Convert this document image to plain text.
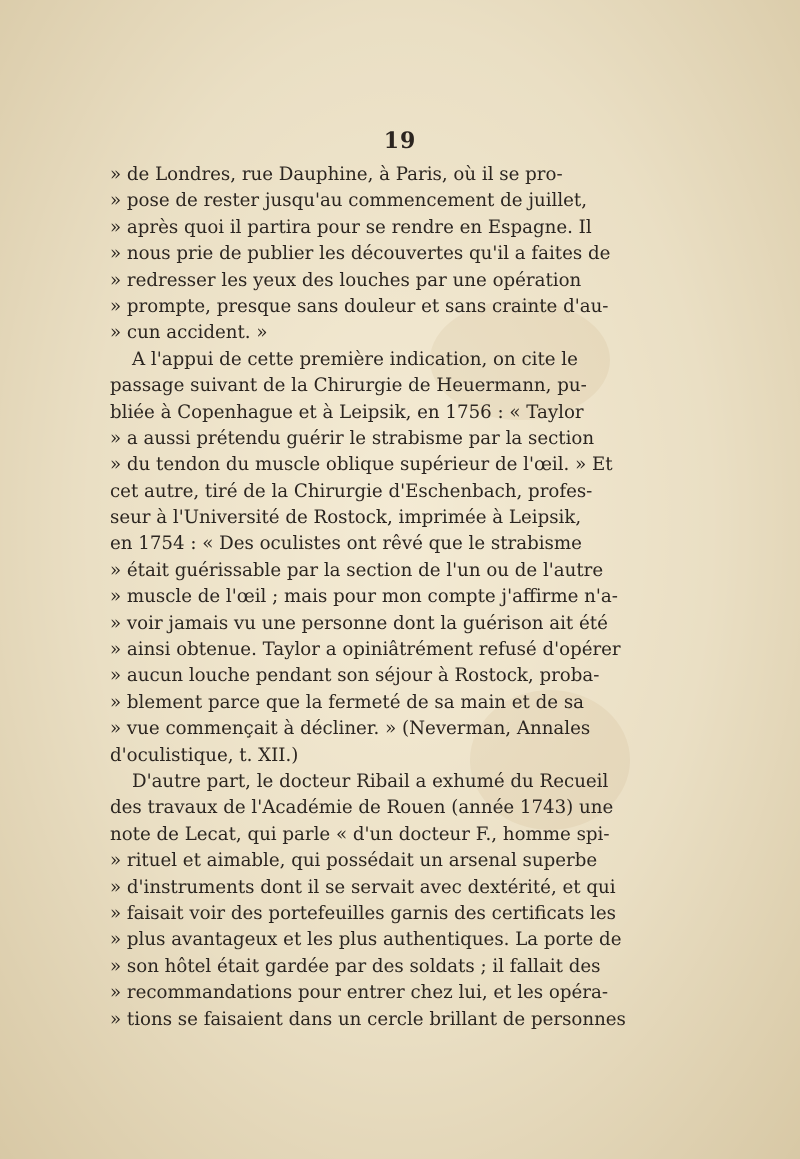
19
» de Londres, rue Dauphine, à Paris, où il se pro-
» pose de rester jusqu'au commencement de juillet,
» après quoi il partira pour se rendre en Espagne. Il
» nous prie de publier les découvertes qu'il a faites de
» redresser les yeux des louches par une opération
» prompte, presque sans douleur et sans crainte d'au-
» cun accident. »
A l'appui de cette première indication, on cite le
passage suivant de la Chirurgie de Heuermann, pu-
bliée à Copenhague et à Leipsik, en 1756 : « Taylor
» a aussi prétendu guérir le strabisme par la section
» du tendon du muscle oblique supérieur de l'œil. » Et
cet autre, tiré de la Chirurgie d'Eschenbach, profes-
seur à l'Université de Rostock, imprimée à Leipsik,
en 1754 : « Des oculistes ont rêvé que le strabisme
» était guérissable par la section de l'un ou de l'autre
» muscle de l'œil ; mais pour mon compte j'affirme n'a-
» voir jamais vu une personne dont la guérison ait été
» ainsi obtenue. Taylor a opiniâtrément refusé d'opérer
» aucun louche pendant son séjour à Rostock, proba-
» blement parce que la fermeté de sa main et de sa
» vue commençait à décliner. » (Neverman, Annales
d'oculistique, t. XII.)
D'autre part, le docteur Ribail a exhumé du Recueil
des travaux de l'Académie de Rouen (année 1743) une
note de Lecat, qui parle « d'un docteur F., homme spi-
» rituel et aimable, qui possédait un arsenal superbe
» d'instruments dont il se servait avec dextérité, et qui
» faisait voir des portefeuilles garnis des certificats les
» plus avantageux et les plus authentiques. La porte de
» son hôtel était gardée par des soldats ; il fallait des
» recommandations pour entrer chez lui, et les opéra-
» tions se faisaient dans un cercle brillant de personnes
